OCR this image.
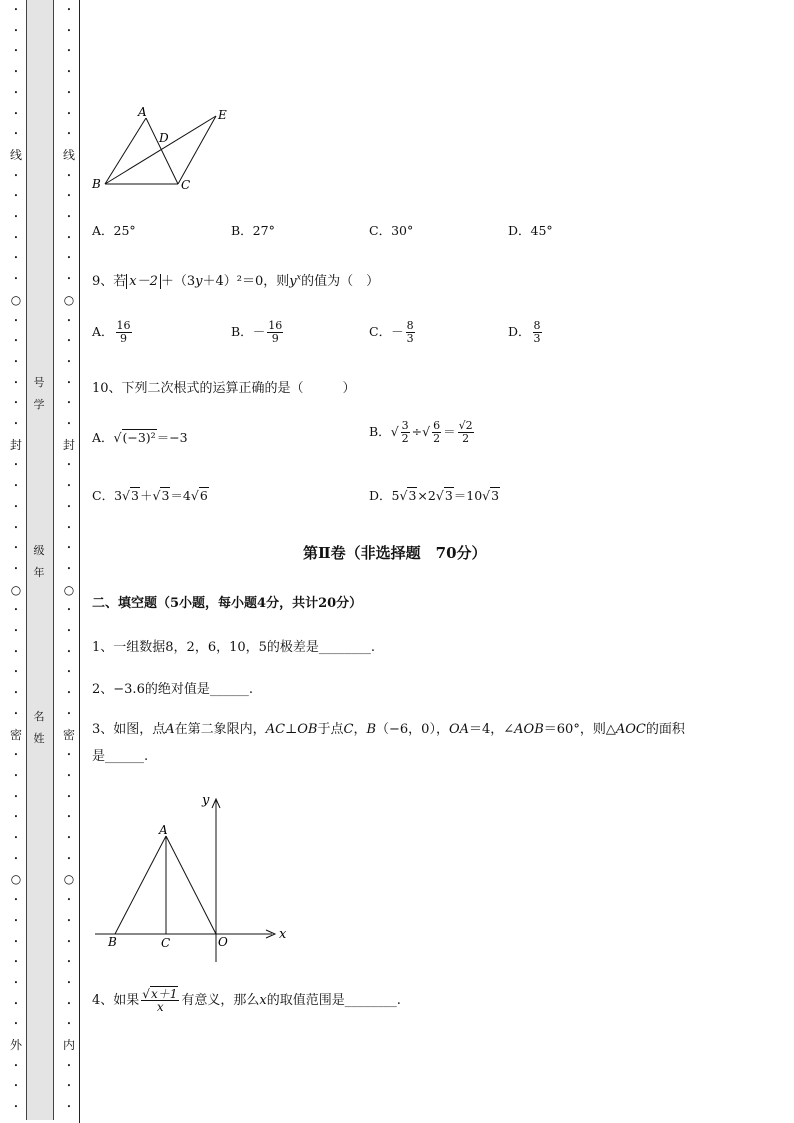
•
•
•
•
•
•
•
线
•
•
•
•
•
•
○
•
•
•
•
•
•
封
•
•
•
•
•
•
○
•
•
•
•
•
•
密
•
•
•
•
•
•
○
•
•
•
•
•
•
•
外
•
•
•
•
•
•
•
•
•
•
线
•
•
•
•
•
•
○
•
•
•
•
•
•
封
•
•
•
•
•
•
○
•
•
•
•
•
•
密
•
•
•
•
•
•
○
•
•
•
•
•
•
•
内
•
•
•
号
学
级
年
名
姓
A
B	C
D
E
A．25°	B．27°	C．30°	D．45°
9、若 x－2 ＋（3y＋4）²＝0，则$y^x$的值为（　）
A． $\frac{16}{9}$	B．－ $\frac{16}{9}$	C．－ $\frac{8}{3}$	D． $\frac{8}{3}$
10、下列二次根式的运算正确的是（　　　）
A．√(−3)²＝−3	B．√ $\frac{3}{2}$ ÷√ $\frac{6}{2} = \frac{√2}{2}$
C．3√3＋√3＝4√6	D．5√3×2√3＝10√3
第Ⅱ卷（非选择题　70分）
二、填空题（5小题，每小题4分，共计20分）
1、一组数据8，2，6，10，5的极差是________.
2、−3.6的绝对值是______.
3、如图，点A在第二象限内，AC⊥OB于点C，B（−6，0），OA＝4，∠AOB＝60°，则△AOC的面积
是______.
y
x
A
B	C	O
4、如果 $\frac{√x+1}{x}$ 有意义，那么x的取值范围是________.
